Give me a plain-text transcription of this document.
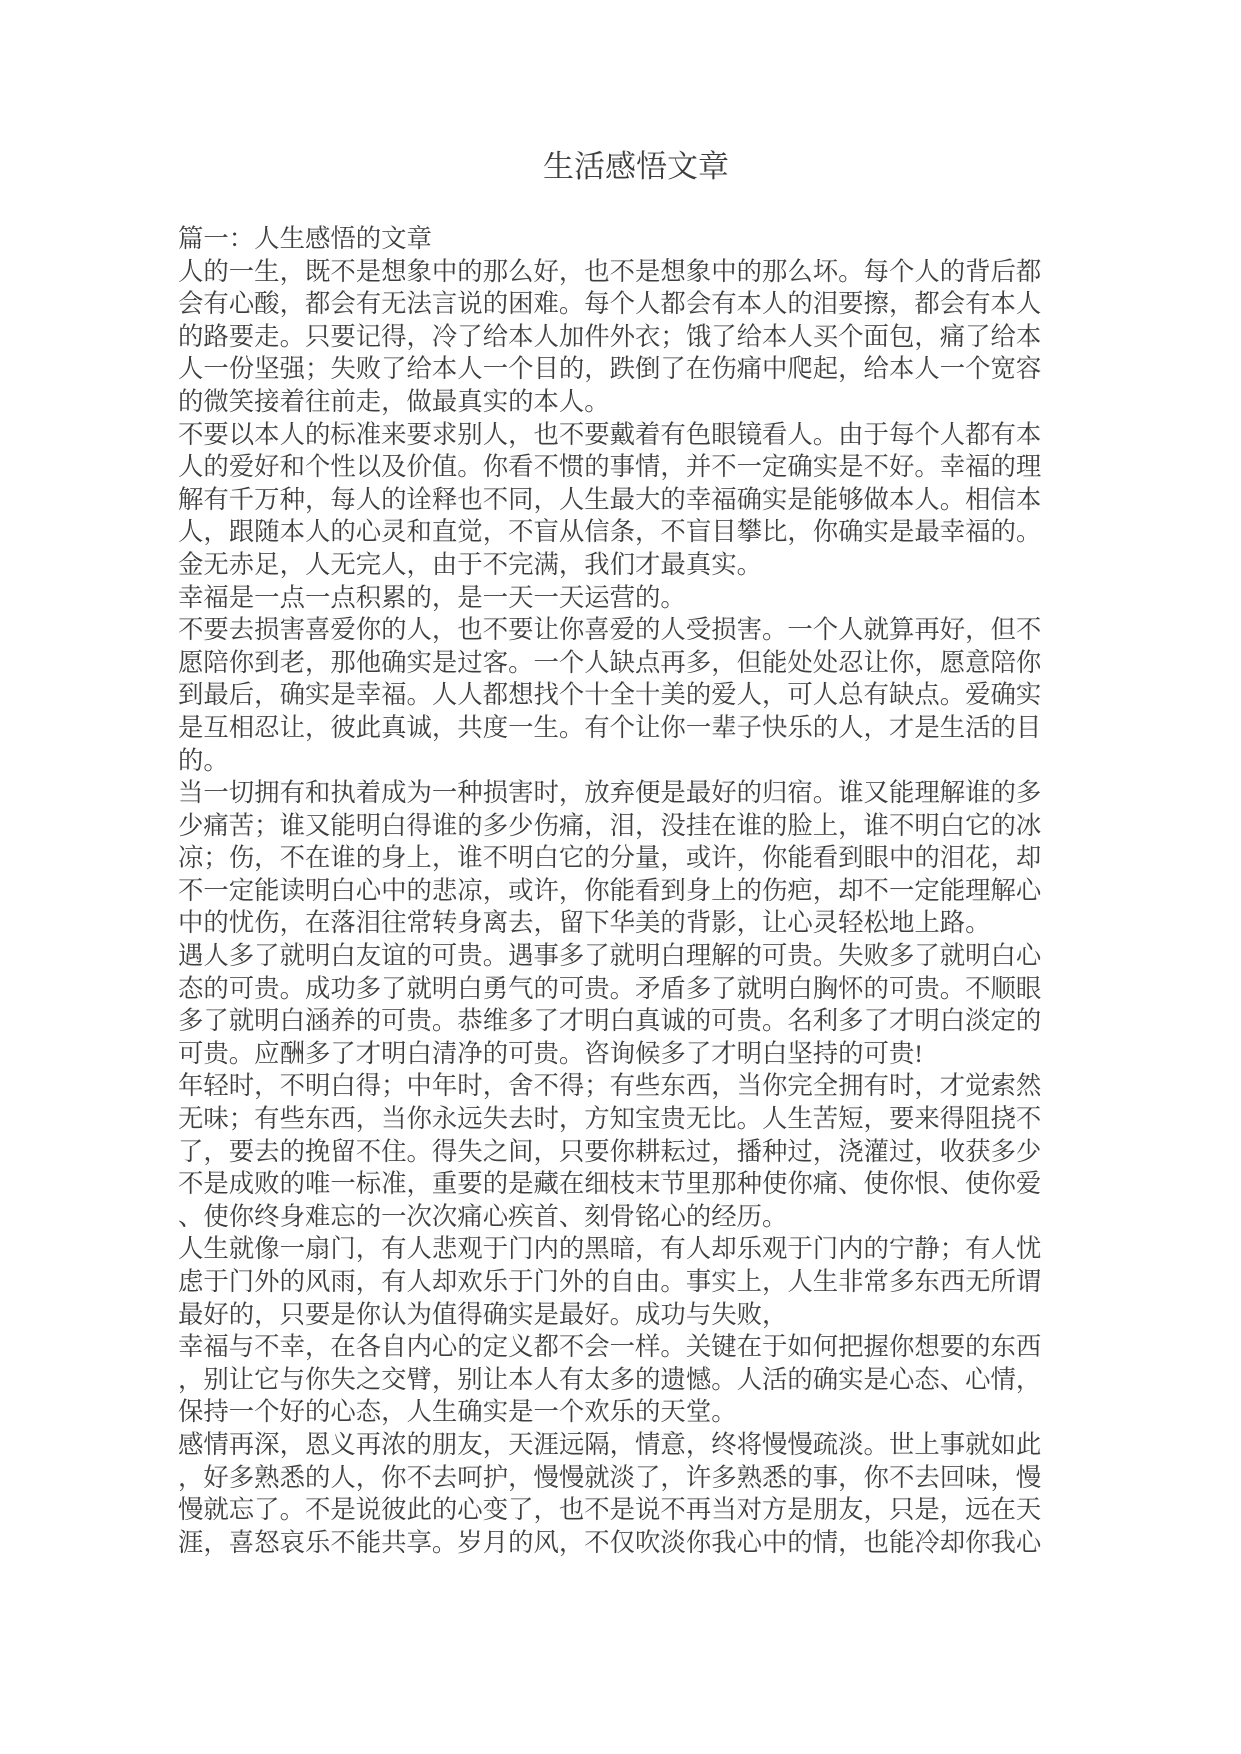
生活感悟文章

篇一：人生感悟的文章

人的一生，既不是想象中的那么好，也不是想象中的那么坏。每个人的背后都会有心酸，都会有无法言说的困难。每个人都会有本人的泪要擦，都会有本人的路要走。只要记得，冷了给本人加件外衣；饿了给本人买个面包，痛了给本人一份坚强；失败了给本人一个目的，跌倒了在伤痛中爬起，给本人一个宽容的微笑接着往前走，做最真实的本人。

不要以本人的标准来要求别人，也不要戴着有色眼镜看人。由于每个人都有本人的爱好和个性以及价值。你看不惯的事情，并不一定确实是不好。幸福的理解有千万种，每人的诠释也不同，人生最大的幸福确实是能够做本人。相信本人，跟随本人的心灵和直觉，不盲从信条，不盲目攀比，你确实是最幸福的。金无赤足，人无完人，由于不完满，我们才最真实。

幸福是一点一点积累的，是一天一天运营的。

不要去损害喜爱你的人，也不要让你喜爱的人受损害。一个人就算再好，但不愿陪你到老，那他确实是过客。一个人缺点再多，但能处处忍让你，愿意陪你到最后，确实是幸福。人人都想找个十全十美的爱人，可人总有缺点。爱确实是互相忍让，彼此真诚，共度一生。有个让你一辈子快乐的人，才是生活的目的。

当一切拥有和执着成为一种损害时，放弃便是最好的归宿。谁又能理解谁的多少痛苦；谁又能明白得谁的多少伤痛，泪，没挂在谁的脸上，谁不明白它的冰凉；伤，不在谁的身上，谁不明白它的分量，或许，你能看到眼中的泪花，却不一定能读明白心中的悲凉，或许，你能看到身上的伤疤，却不一定能理解心中的忧伤，在落泪往常转身离去，留下华美的背影，让心灵轻松地上路。

遇人多了就明白友谊的可贵。遇事多了就明白理解的可贵。失败多了就明白心态的可贵。成功多了就明白勇气的可贵。矛盾多了就明白胸怀的可贵。不顺眼多了就明白涵养的可贵。恭维多了才明白真诚的可贵。名利多了才明白淡定的可贵。应酬多了才明白清净的可贵。咨询候多了才明白坚持的可贵!

年轻时，不明白得；中年时，舍不得；有些东西，当你完全拥有时，才觉索然无味；有些东西，当你永远失去时，方知宝贵无比。人生苦短，要来得阻挠不了，要去的挽留不住。得失之间，只要你耕耘过，播种过，浇灌过，收获多少不是成败的唯一标准，重要的是藏在细枝末节里那种使你痛、使你恨、使你爱、使你终身难忘的一次次痛心疾首、刻骨铭心的经历。

人生就像一扇门，有人悲观于门内的黑暗，有人却乐观于门内的宁静；有人忧虑于门外的风雨，有人却欢乐于门外的自由。事实上，人生非常多东西无所谓最好的，只要是你认为值得确实是最好。成功与失败，

幸福与不幸，在各自内心的定义都不会一样。关键在于如何把握你想要的东西，别让它与你失之交臂，别让本人有太多的遗憾。人活的确实是心态、心情，保持一个好的心态，人生确实是一个欢乐的天堂。

感情再深，恩义再浓的朋友，天涯远隔，情意，终将慢慢疏淡。世上事就如此，好多熟悉的人，你不去呵护，慢慢就淡了，许多熟悉的事，你不去回味，慢慢就忘了。不是说彼此的心变了，也不是说不再当对方是朋友，只是，远在天涯，喜怒哀乐不能共享。岁月的风，不仅吹淡你我心中的情，也能冷却你我心
